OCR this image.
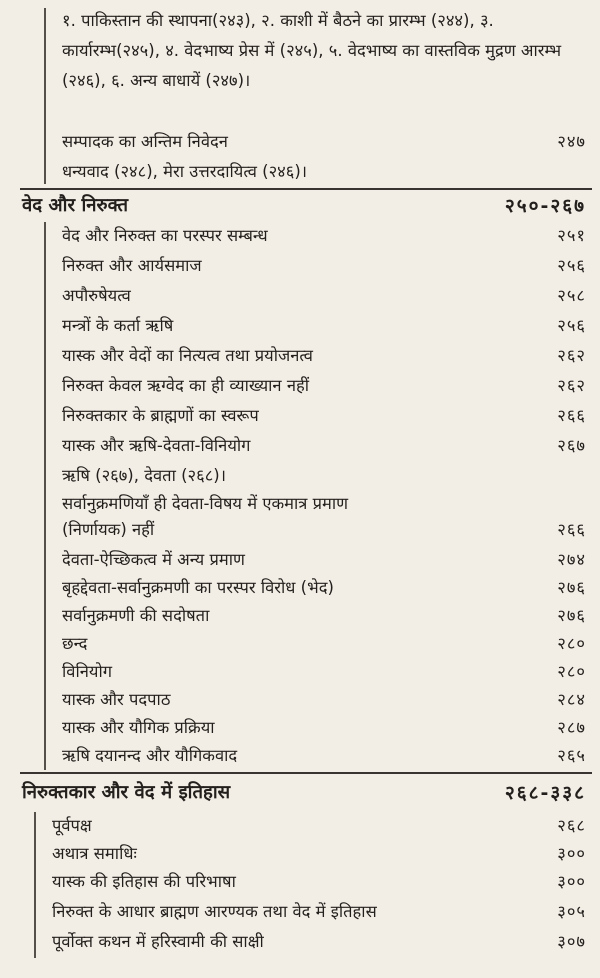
१. पाकिस्तान की स्थापना(२४३), २. काशी में बैठने का प्रारम्भ (२४४), ३. कार्यारम्भ(२४५), ४. वेदभाष्य प्रेस में (२४५), ५. वेदभाष्य का वास्तविक मुद्रण आरम्भ (२४६), ६. अन्य बाधायें (२४७)।
सम्पादक का अन्तिम निवेदन	२४७
धन्यवाद (२४८), मेरा उत्तरदायित्व (२४६)।
वेद और निरुक्त	२५०-२६७
वेद और निरुक्त का परस्पर सम्बन्ध	२५१
निरुक्त और आर्यसमाज	२५६
अपौरुषेयत्व	२५८
मन्त्रों के कर्ता ऋषि	२५६
यास्क और वेदों का नित्यत्व तथा प्रयोजनत्व	२६२
निरुक्त केवल ऋग्वेद का ही व्याख्यान नहीं	२६२
निरुक्तकार के ब्राह्मणों का स्वरूप	२६६
यास्क और ऋषि-देवता-विनियोग	२६७
ऋषि (२६७), देवता (२६८)।
सर्वानुक्रमणियाँ ही देवता-विषय में एकमात्र प्रमाण
(निर्णायक) नहीं	२६६
देवता-ऐच्छिकत्व में अन्य प्रमाण	२७४
बृहद्देवता-सर्वानुक्रमणी का परस्पर विरोध (भेद)	२७६
सर्वानुक्रमणी की सदोषता	२७६
छन्द	२८०
विनियोग	२८०
यास्क और पदपाठ	२८४
यास्क और यौगिक प्रक्रिया	२८७
ऋषि दयानन्द और यौगिकवाद	२६५
निरुक्तकार और वेद में इतिहास	२६८-३३८
पूर्वपक्ष	२६८
अथात्र समाधिः	३००
यास्क की इतिहास की परिभाषा	३००
निरुक्त के आधार ब्राह्मण आरण्यक तथा वेद में इतिहास	३०५
पूर्वोक्त कथन में हरिस्वामी की साक्षी	३०७
